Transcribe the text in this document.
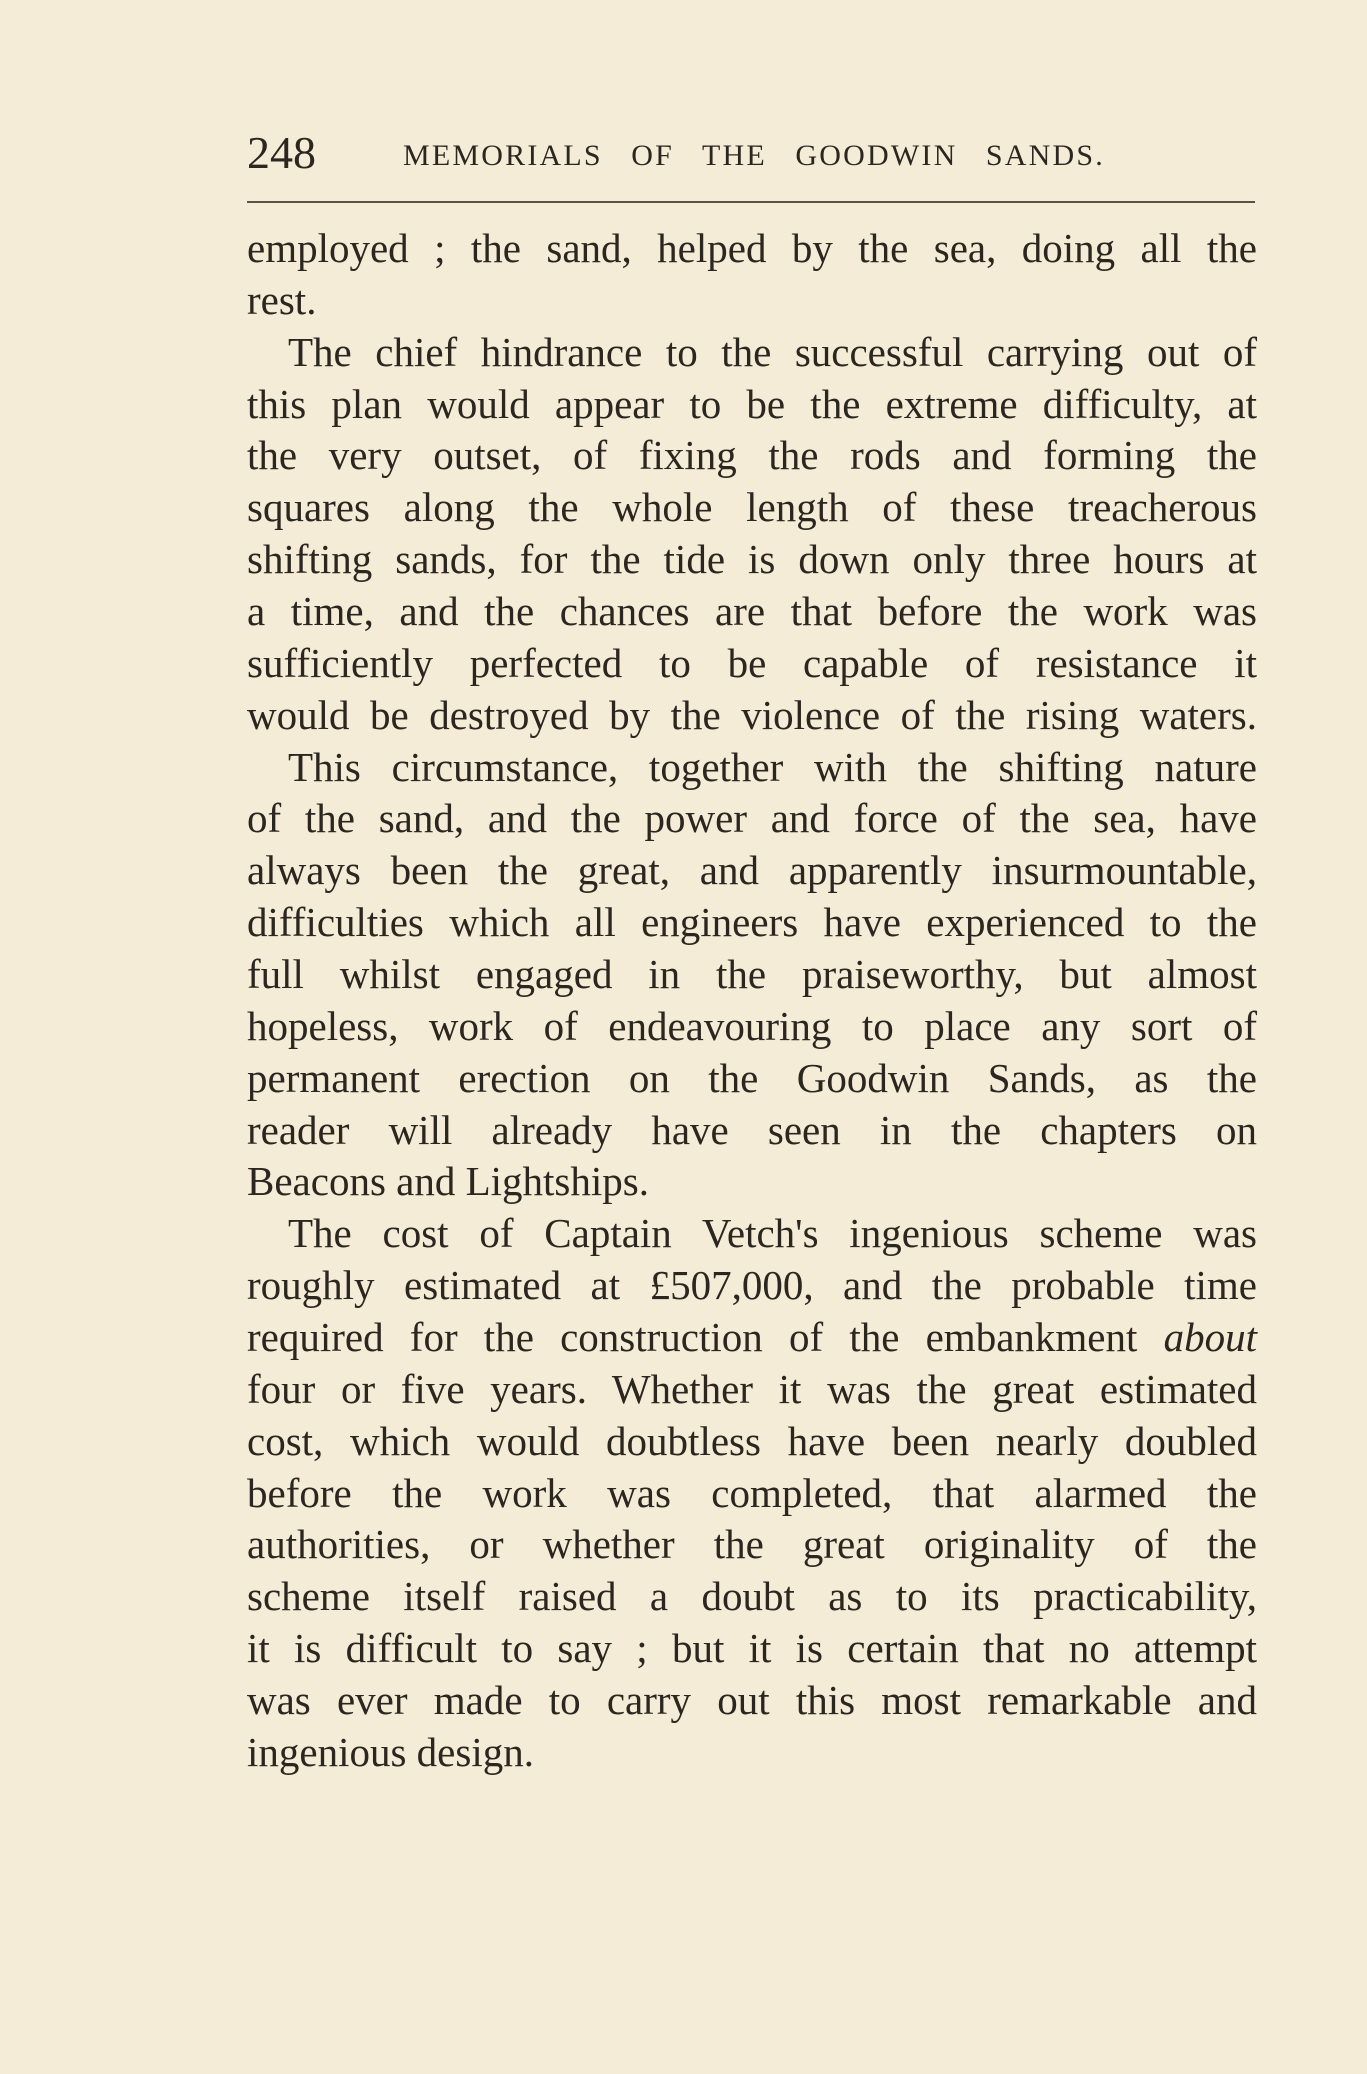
248	MEMORIALS OF THE GOODWIN SANDS.
employed ; the sand, helped by the sea, doing all the
rest.
The chief hindrance to the successful carrying out of
this plan would appear to be the extreme difficulty, at
the very outset, of fixing the rods and forming the
squares along the whole length of these treacherous
shifting sands, for the tide is down only three hours at
a time, and the chances are that before the work was
sufficiently perfected to be capable of resistance it
would be destroyed by the violence of the rising waters.
This circumstance, together with the shifting nature
of the sand, and the power and force of the sea, have
always been the great, and apparently insurmountable,
difficulties which all engineers have experienced to the
full whilst engaged in the praiseworthy, but almost
hopeless, work of endeavouring to place any sort of
permanent erection on the Goodwin Sands, as the
reader will already have seen in the chapters on
Beacons and Lightships.
The cost of Captain Vetch's ingenious scheme was
roughly estimated at £507,000, and the probable time
required for the construction of the embankment about
four or five years. Whether it was the great estimated
cost, which would doubtless have been nearly doubled
before the work was completed, that alarmed the
authorities, or whether the great originality of the
scheme itself raised a doubt as to its practicability,
it is difficult to say ; but it is certain that no attempt
was ever made to carry out this most remarkable and
ingenious design.
